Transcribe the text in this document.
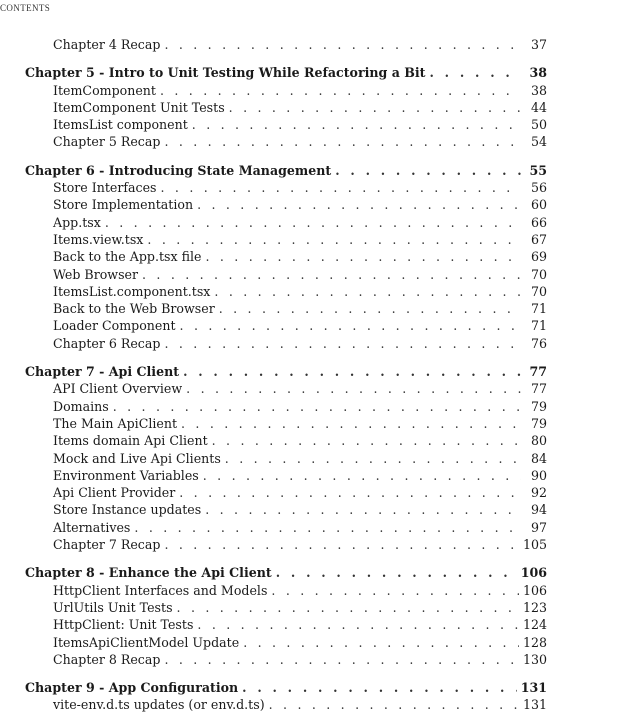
CONTENTS
Chapter 4 Recap . . .	37
Chapter 5 - Intro to Unit Testing While Refactoring a Bit . . .	38
ItemComponent . . .	38
ItemComponent Unit Tests . . .	44
ItemsList component . . .	50
Chapter 5 Recap . . .	54
Chapter 6 - Introducing State Management . . .	55
Store Interfaces . . .	56
Store Implementation . . .	60
App.tsx . . .	66
Items.view.tsx . . .	67
Back to the App.tsx file . . .	69
Web Browser . . .	70
ItemsList.component.tsx . . .	70
Back to the Web Browser . . .	71
Loader Component . . .	71
Chapter 6 Recap . . .	76
Chapter 7 - Api Client . . .	77
API Client Overview . . .	77
Domains . . .	79
The Main ApiClient . . .	79
Items domain Api Client . . .	80
Mock and Live Api Clients . . .	84
Environment Variables . . .	90
Api Client Provider . . .	92
Store Instance updates . . .	94
Alternatives . . .	97
Chapter 7 Recap . . .	105
Chapter 8 - Enhance the Api Client . . .	106
HttpClient Interfaces and Models . . .	106
UrlUtils Unit Tests . . .	123
HttpClient: Unit Tests . . .	124
ItemsApiClientModel Update . . .	128
Chapter 8 Recap . . .	130
Chapter 9 - App Configuration . . .	131
vite-env.d.ts updates (or env.d.ts) . . .	131
